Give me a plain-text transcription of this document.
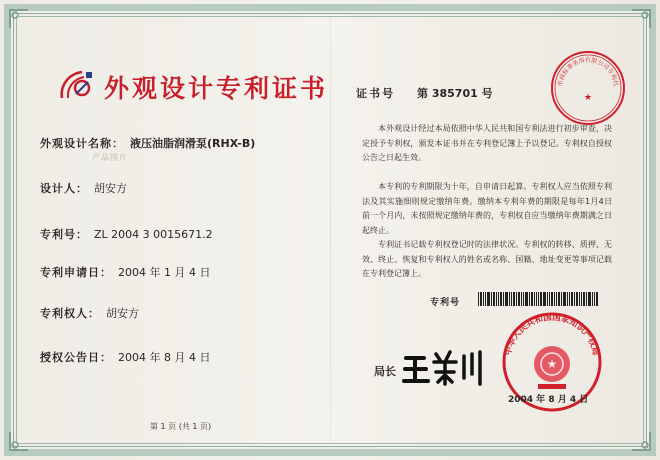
外观设计专利证书
外观设计名称： 液压油脂润滑泵(RHX-B)
产品图片
设计人： 胡安方
专利号： ZL 2004 3 0015671.2
专利申请日： 2004 年 1 月 4 日
专利权人： 胡安方
授权公告日： 2004 年 8 月 4 日
第 1 页 (共 1 页)
证书号 第 385701 号
市商标事务所有限公司专利代
★
本外观设计经过本局依照中华人民共和国专利法进行初步审查，决定授予专利权，颁发本证书并在专利登记簿上予以登记。专利权自授权公告之日起生效。
本专利的专利期限为十年，自申请日起算。专利权人应当依照专利法及其实施细则规定缴纳年费。缴纳本专利年费的期限是每年1月4日前一个月内，未按照规定缴纳年费的，专利权自应当缴纳年费期满之日起终止。
专利证书记载专利权登记时的法律状况。专利权的转移、质押、无效、终止、恢复和专利权人的姓名或名称、国籍、地址变更等事项记载在专利登记簿上。
专利号
中华人民共和国国家知识产权局
★
局长
2004 年 8 月 4 日
